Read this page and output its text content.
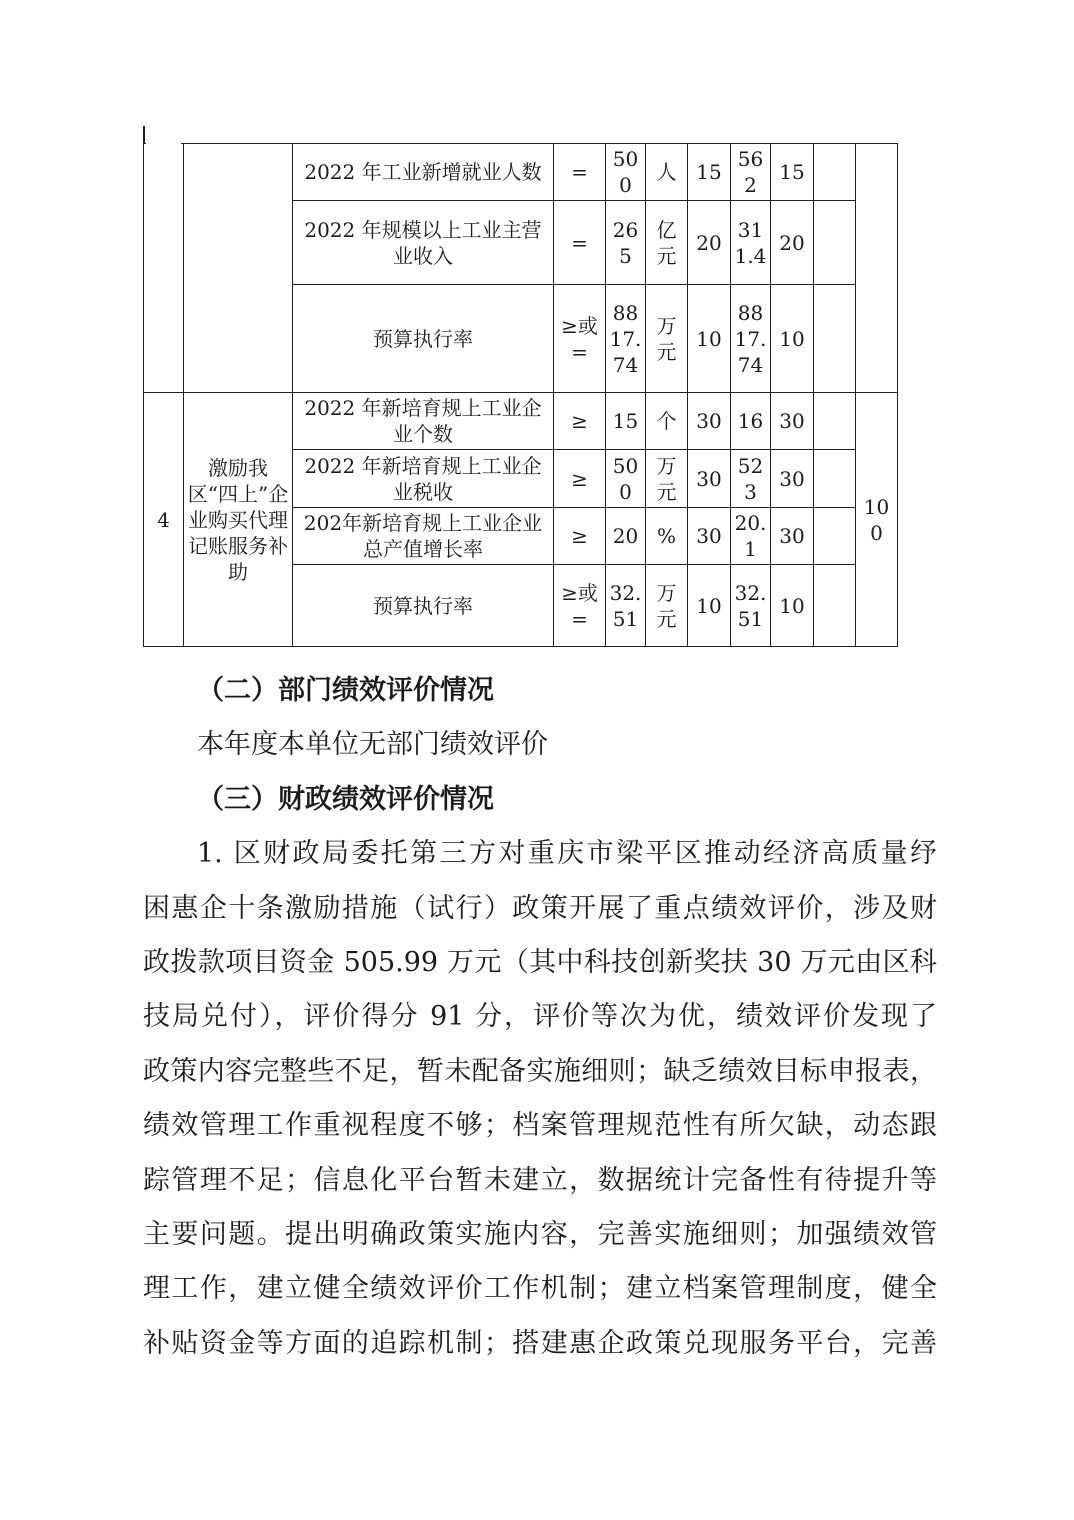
		2022 年工业新增就业人数	=	500	人	15	562	15		
		2022 年规模以上工业主营业收入	=	265	亿元	20	311.4	20		
		预算执行率	≥或=	8817.74	万元	10	8817.74	10		
4	激励我区“四上”企业购买代理记账服务补助	2022 年新培育规上工业企业个数	≥	15	个	30	16	30		100
		2022 年新培育规上工业企业税收	≥	500	万元	30	523	30		
		202年新培育规上工业企业总产值增长率	≥	20	%	30	20.1	30		
		预算执行率	≥或=	32.51	万元	10	32.51	10		
（二）部门绩效评价情况
本年度本单位无部门绩效评价
（三）财政绩效评价情况
1. 区财政局委托第三方对重庆市梁平区推动经济高质量纾
困惠企十条激励措施（试行）政策开展了重点绩效评价，涉及财
政拨款项目资金 505.99 万元（其中科技创新奖扶 30 万元由区科
技局兑付），评价得分 91 分，评价等次为优，绩效评价发现了
政策内容完整些不足，暂未配备实施细则；缺乏绩效目标申报表，
绩效管理工作重视程度不够；档案管理规范性有所欠缺，动态跟
踪管理不足；信息化平台暂未建立，数据统计完备性有待提升等
主要问题。提出明确政策实施内容，完善实施细则；加强绩效管
理工作，建立健全绩效评价工作机制；建立档案管理制度，健全
补贴资金等方面的追踪机制；搭建惠企政策兑现服务平台，完善
